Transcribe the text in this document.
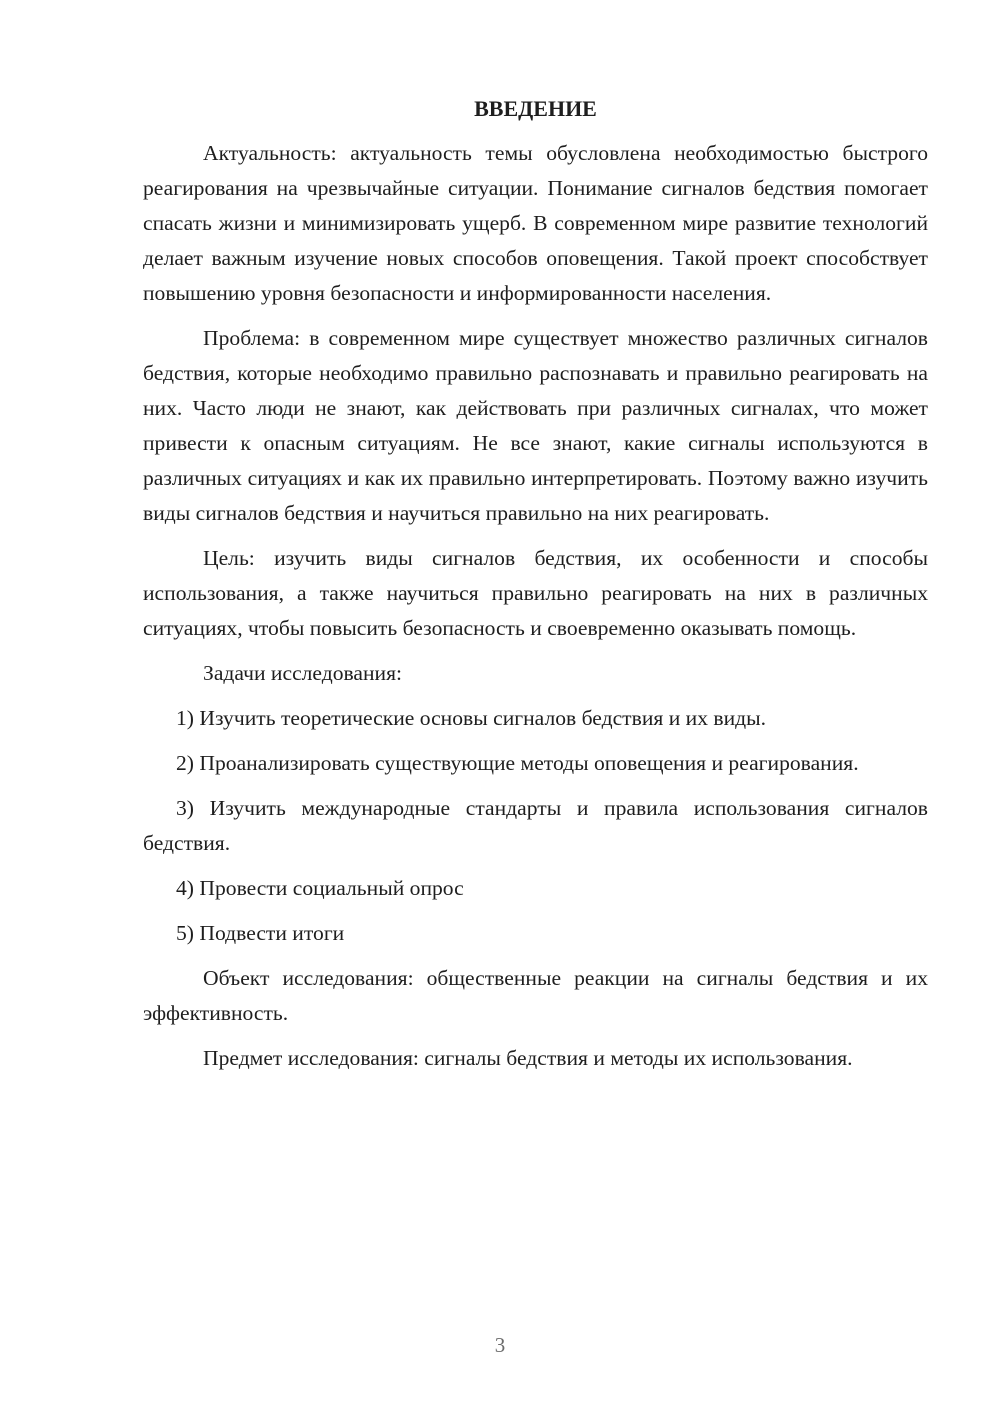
ВВЕДЕНИЕ

Актуальность: актуальность темы обусловлена необходимостью быстрого реагирования на чрезвычайные ситуации. Понимание сигналов бедствия помогает спасать жизни и минимизировать ущерб. В современном мире развитие технологий делает важным изучение новых способов оповещения. Такой проект способствует повышению уровня безопасности и информированности населения.

Проблема: в современном мире существует множество различных сигналов бедствия, которые необходимо правильно распознавать и правильно реагировать на них. Часто люди не знают, как действовать при различных сигналах, что может привести к опасным ситуациям. Не все знают, какие сигналы используются в различных ситуациях и как их правильно интерпретировать. Поэтому важно изучить виды сигналов бедствия и научиться правильно на них реагировать.

Цель: изучить виды сигналов бедствия, их особенности и способы использования, а также научиться правильно реагировать на них в различных ситуациях, чтобы повысить безопасность и своевременно оказывать помощь.

Задачи исследования:

1) Изучить теоретические основы сигналов бедствия и их виды.

2) Проанализировать существующие методы оповещения и реагирования.

3) Изучить международные стандарты и правила использования сигналов бедствия.

4) Провести социальный опрос

5) Подвести итоги

Объект исследования: общественные реакции на сигналы бедствия и их эффективность.

Предмет исследования: сигналы бедствия и методы их использования.

3
